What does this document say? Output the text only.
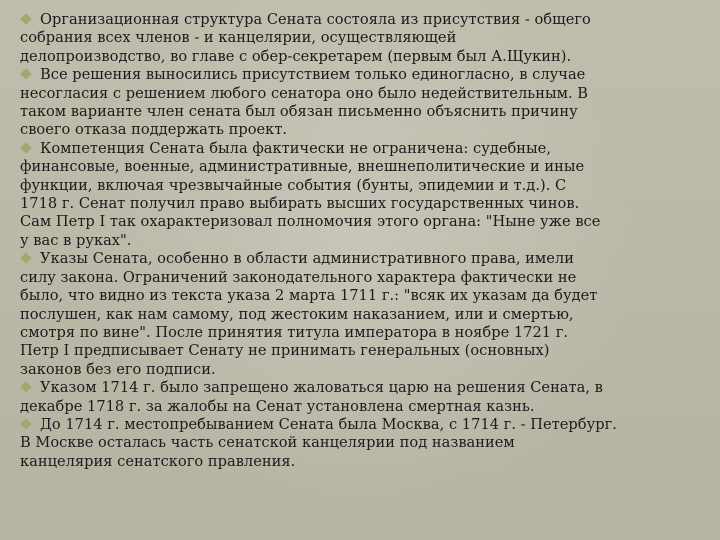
Организационная структура Сената состояла из присутствия - общего
собрания всех членов - и канцелярии, осуществляющей
делопроизводство, во главе с обер-секретарем (первым был А.Щукин).
Все решения выносились присутствием только единогласно, в случае
несогласия с решением любого сенатора оно было недействительным. В
таком варианте член сената был обязан письменно объяснить причину
своего отказа поддержать проект.
Компетенция Сената была фактически не ограничена: судебные,
финансовые, военные, административные, внешнеполитические и иные
функции, включая чрезвычайные события (бунты, эпидемии и т.д.). С
1718 г. Сенат получил право выбирать высших государственных чинов.
Сам Петр I так охарактеризовал полномочия этого органа: "Ныне уже все
у вас в руках".
Указы Сената, особенно в области административного права, имели
силу закона. Ограничений законодательного характера фактически не
было, что видно из текста указа 2 марта 1711 г.: "всяк их указам да будет
послушен, как нам самому, под жестоким наказанием, или и смертью,
смотря по вине". После принятия титула императора в ноябре 1721 г.
Петр I предписывает Сенату не принимать генеральных (основных)
законов без его подписи.
Указом 1714 г. было запрещено жаловаться царю на решения Сената, в
декабре 1718 г. за жалобы на Сенат установлена смертная казнь.
До 1714 г. местопребыванием Сената была Москва, с 1714 г. - Петербург.
В Москве осталась часть сенатской канцелярии под названием
канцелярия сенатского правления.
